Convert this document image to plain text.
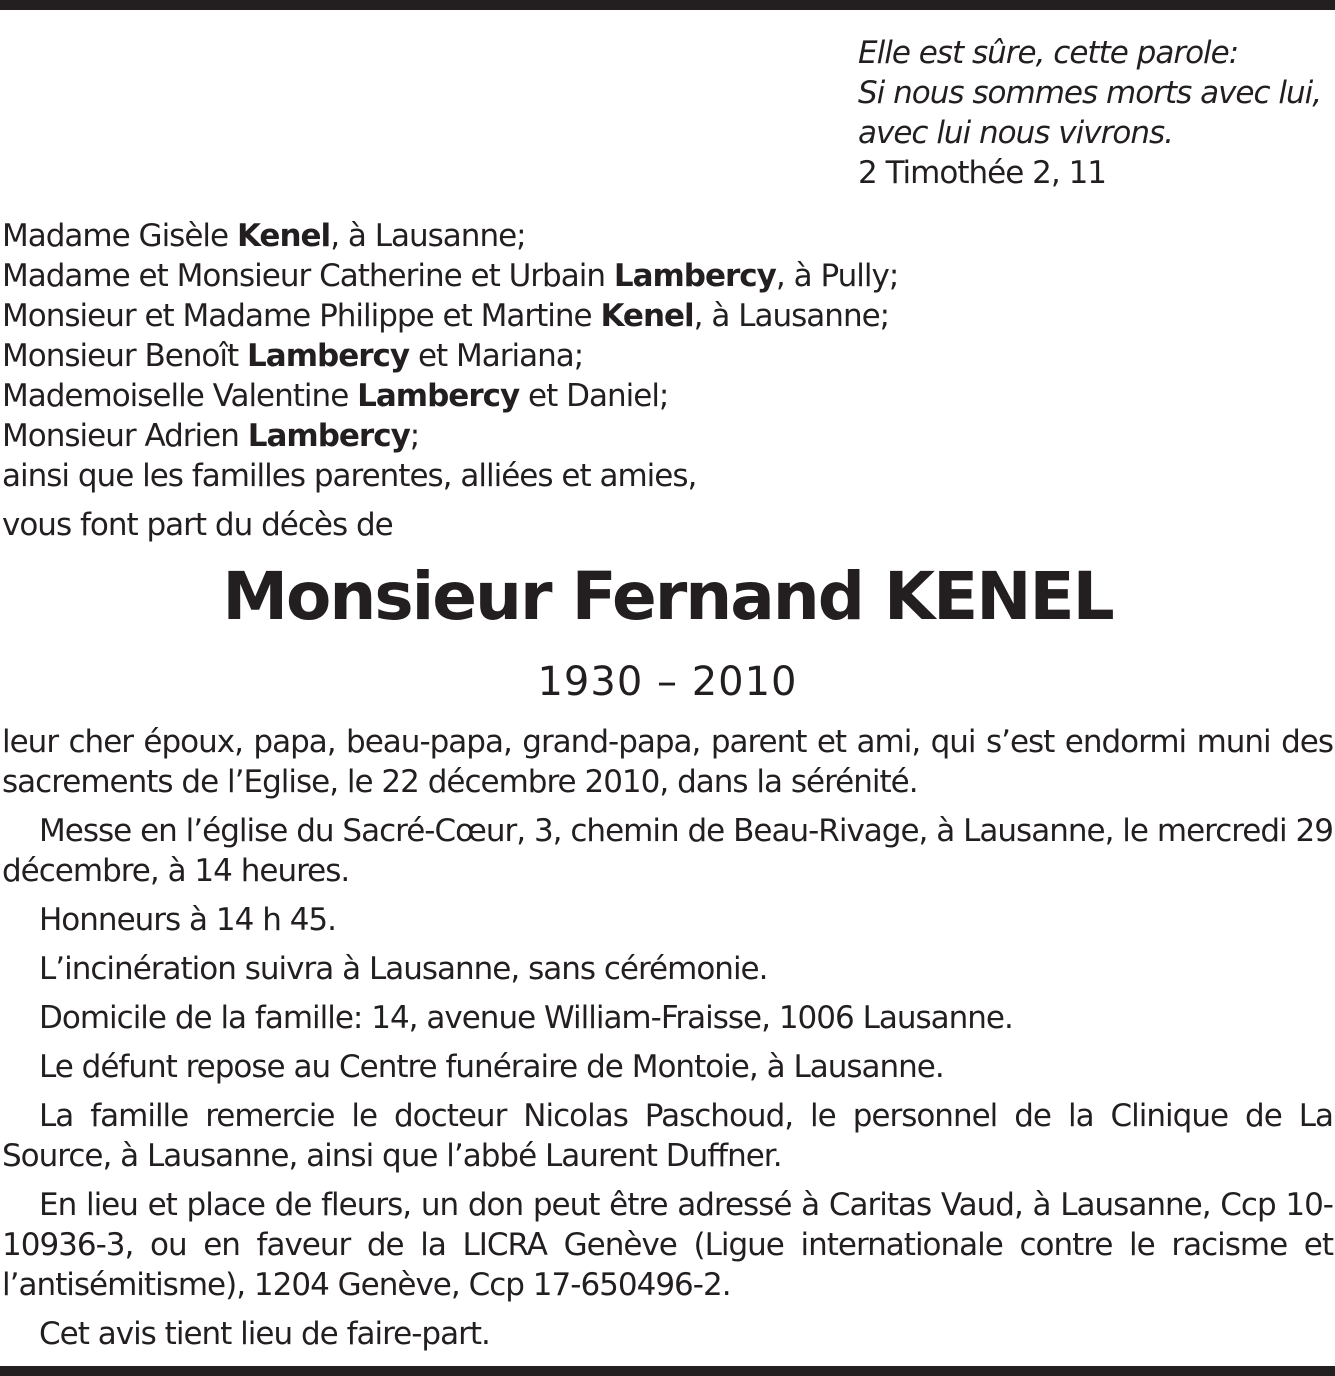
Elle est sûre, cette parole:
Si nous sommes morts avec lui,
avec lui nous vivrons.
2 Timothée 2, 11
Madame Gisèle Kenel, à Lausanne;
Madame et Monsieur Catherine et Urbain Lambercy, à Pully;
Monsieur et Madame Philippe et Martine Kenel, à Lausanne;
Monsieur Benoît Lambercy et Mariana;
Mademoiselle Valentine Lambercy et Daniel;
Monsieur Adrien Lambercy;
ainsi que les familles parentes, alliées et amies,
vous font part du décès de
Monsieur Fernand KENEL
1930 – 2010

leur cher époux, papa, beau-papa, grand-papa, parent et ami, qui s’est endormi muni des sacrements de l’Eglise, le 22 décembre 2010, dans la sérénité.

Messe en l’église du Sacré-Cœur, 3, chemin de Beau-Rivage, à Lausanne, le mercredi 29 décembre, à 14 heures.

Honneurs à 14 h 45.

L’incinération suivra à Lausanne, sans cérémonie.

Domicile de la famille: 14, avenue William-Fraisse, 1006 Lausanne.

Le défunt repose au Centre funéraire de Montoie, à Lausanne.

La famille remercie le docteur Nicolas Paschoud, le personnel de la Clinique de La Source, à Lausanne, ainsi que l’abbé Laurent Duffner.

En lieu et place de fleurs, un don peut être adressé à Caritas Vaud, à Lausanne, Ccp 10-10936-3, ou en faveur de la LICRA Genève (Ligue internationale contre le racisme et l’antisémitisme), 1204 Genève, Ccp 17-650496-2.

Cet avis tient lieu de faire-part.
